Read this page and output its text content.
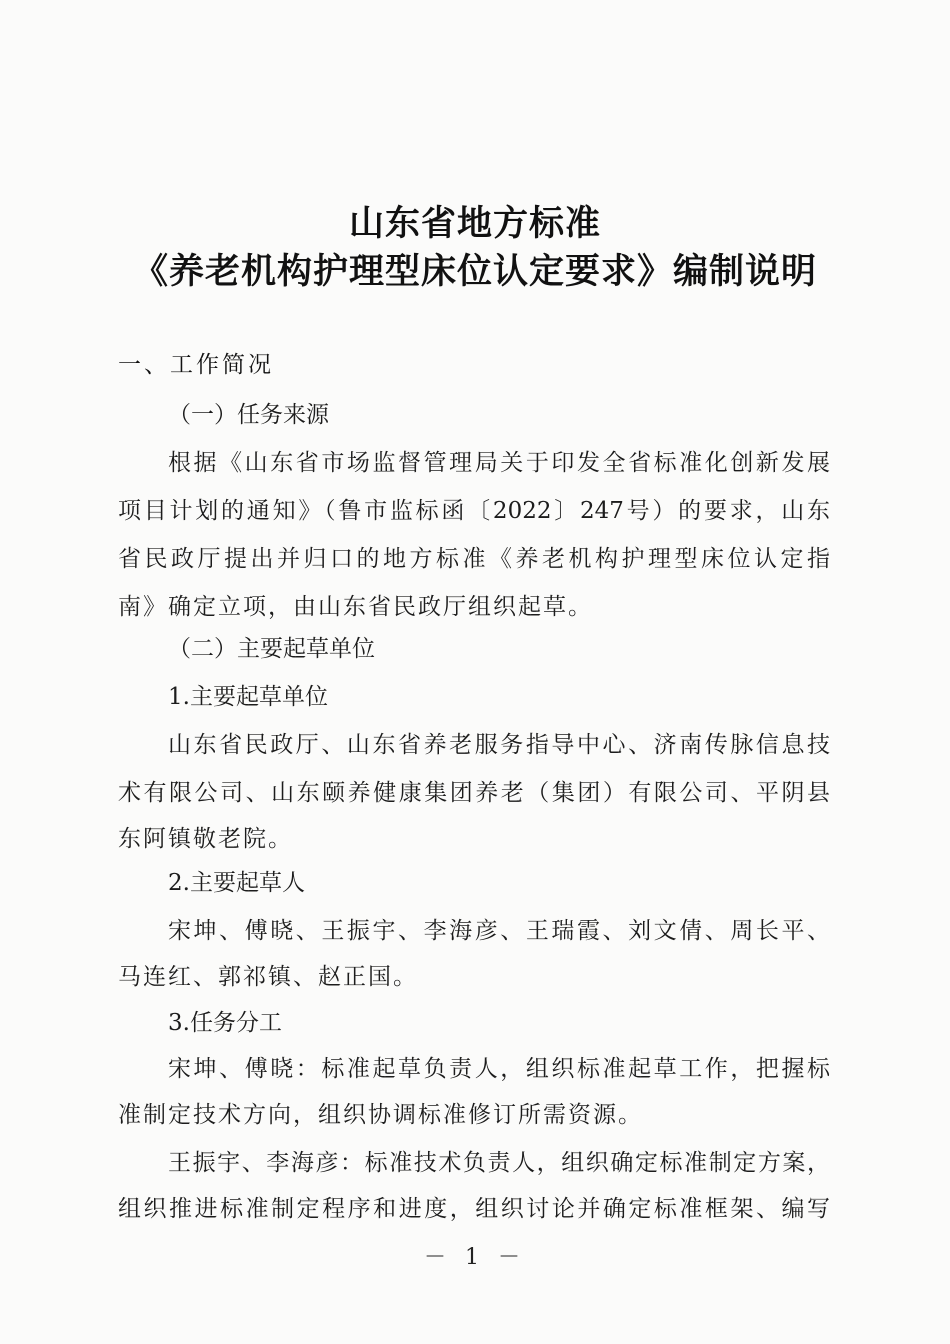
山东省地方标准
《养老机构护理型床位认定要求》编制说明
一、工作简况
（一）任务来源
根据《山东省市场监督管理局关于印发全省标准化创新发展
项目计划的通知》（鲁市监标函〔2022〕247号）的要求，山东
省民政厅提出并归口的地方标准《养老机构护理型床位认定指
南》确定立项，由山东省民政厅组织起草。
（二）主要起草单位
1.主要起草单位
山东省民政厅、山东省养老服务指导中心、济南传脉信息技
术有限公司、山东颐养健康集团养老（集团）有限公司、平阴县
东阿镇敬老院。
2.主要起草人
宋坤、傅晓、王振宇、李海彦、王瑞霞、刘文倩、周长平、
马连红、郭祁镇、赵正国。
3.任务分工
宋坤、傅晓：标准起草负责人，组织标准起草工作，把握标
准制定技术方向，组织协调标准修订所需资源。
王振宇、李海彦：标准技术负责人，组织确定标准制定方案，
组织推进标准制定程序和进度，组织讨论并确定标准框架、编写
－ 1 －
